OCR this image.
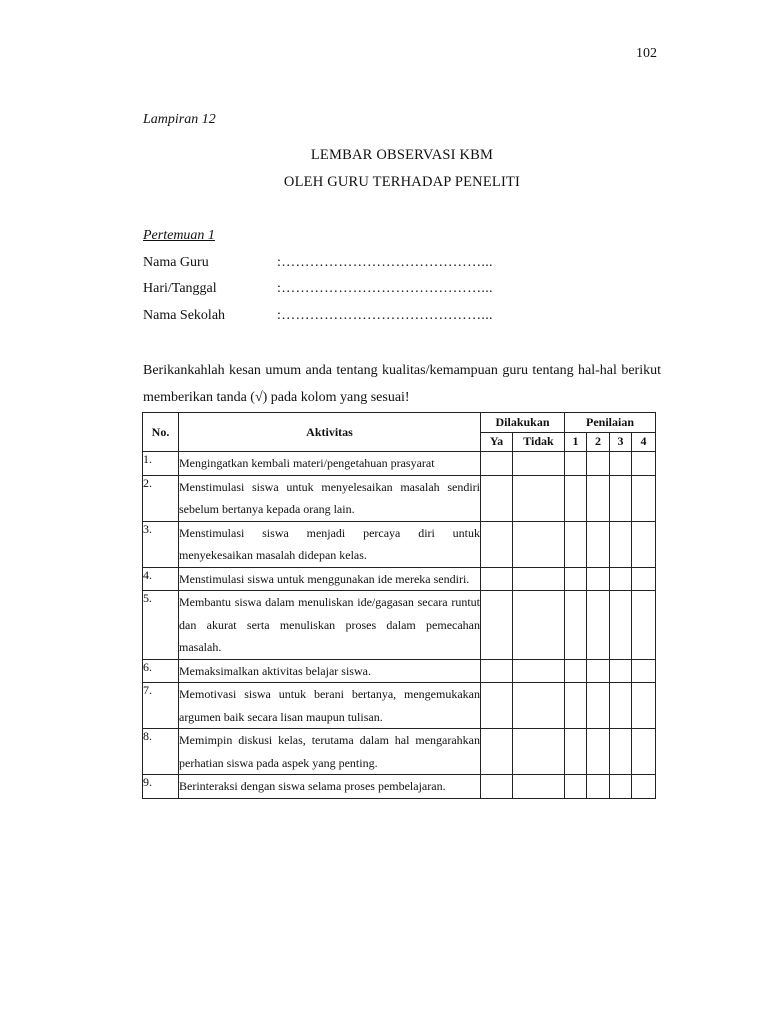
102
Lampiran 12
LEMBAR OBSERVASI KBM
OLEH GURU TERHADAP PENELITI
Pertemuan 1
Nama Guru	:……………………………………...
Hari/Tanggal	:……………………………………...
Nama Sekolah	:……………………………………...
Berikankahlah kesan umum anda tentang kualitas/kemampuan guru tentang hal-hal berikut memberikan tanda (√) pada kolom yang sesuai!
No.	Aktivitas	Dilakukan		Penilaian			
		Ya	Tidak	1	2	3	4
1.	Mengingatkan kembali materi/pengetahuan prasyarat						
2.	Menstimulasi siswa untuk menyelesaikan masalah sendiri sebelum bertanya kepada orang lain.						
3.	Menstimulasi siswa menjadi percaya diri untuk menyekesaikan masalah didepan kelas.						
4.	Menstimulasi siswa untuk menggunakan ide mereka sendiri.						
5.	Membantu siswa dalam menuliskan ide/gagasan secara runtut dan akurat serta menuliskan proses dalam pemecahan masalah.						
6.	Memaksimalkan aktivitas belajar siswa.						
7.	Memotivasi siswa untuk berani bertanya, mengemukakan argumen baik secara lisan maupun tulisan.						
8.	Memimpin diskusi kelas, terutama dalam hal mengarahkan perhatian siswa pada aspek yang penting.						
9.	Berinteraksi dengan siswa selama proses pembelajaran.						
